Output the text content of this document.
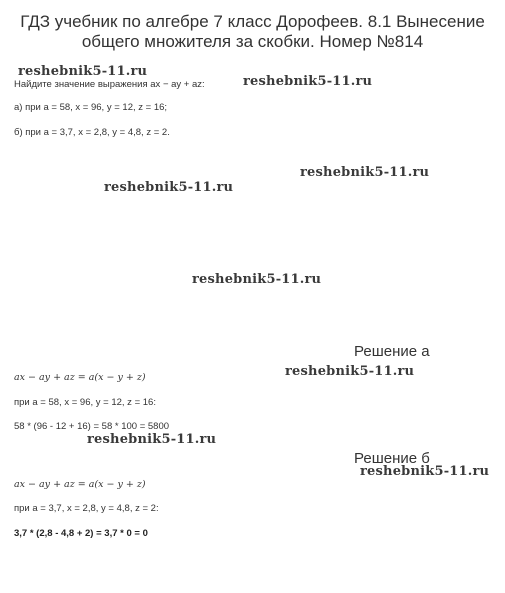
ГДЗ учебник по алгебре 7 класс Дорофеев. 8.1 Вынесение
общего множителя за скобки. Номер №814
reshebnik5-11.ru
Найдите значение выражения ax − ay + az:	reshebnik5-11.ru
а) при a = 58, x = 96, y = 12, z = 16;
б) при a = 3,7, x = 2,8, y = 4,8, z = 2.
reshebnik5-11.ru
reshebnik5-11.ru
reshebnik5-11.ru
Решение а
ax − ay + az = a(x − y + z)	reshebnik5-11.ru
при a = 58, x = 96, y = 12, z = 16:
58 * (96 - 12 + 16) = 58 * 100 = 5800
reshebnik5-11.ru
Решение б
reshebnik5-11.ru
ax − ay + az = a(x − y + z)
при a = 3,7, x = 2,8, y = 4,8, z = 2:
3,7 * (2,8 - 4,8 + 2) = 3,7 * 0 = 0
